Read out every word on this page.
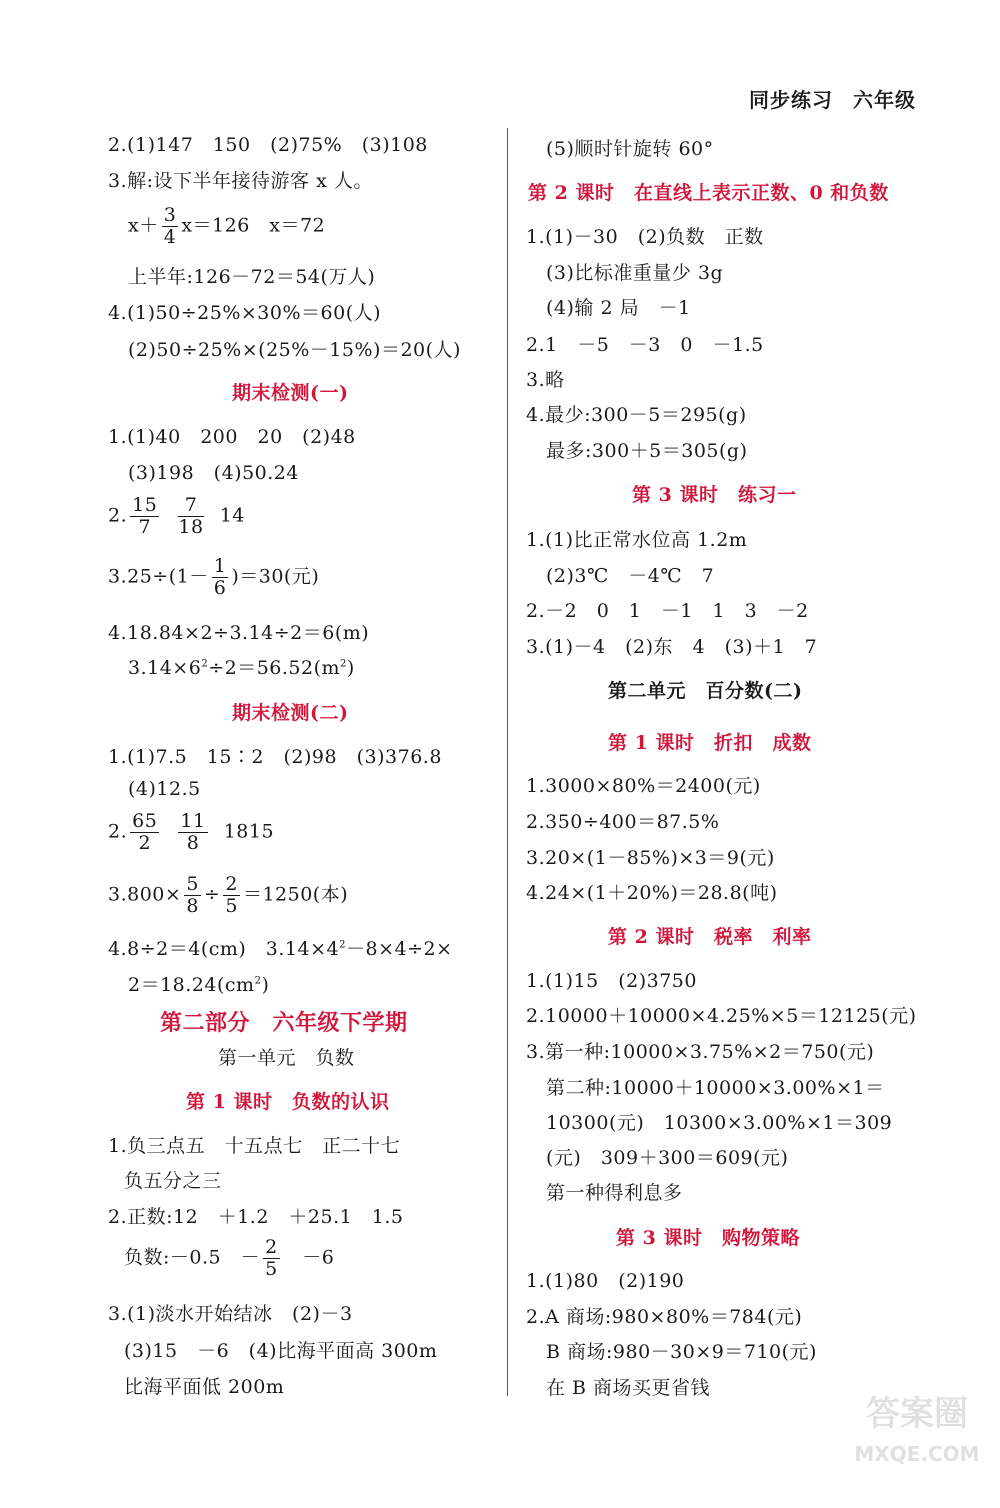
同步练习 六年级
2.(1)147　150　(2)75%　(3)108
3.解:设下半年接待游客 x 人。
$x+ \frac{3}{4} x=126$　x＝72
上半年:126－72＝54(万人)
4.(1)50÷25%×30%＝60(人)
(2)50÷25%×(25%－15%)＝20(人)
期末检测(一)
1.(1)40　200　20　(2)48
(3)198　(4)50.24
2. $\frac{15}{7}$
$\frac{7}{18} 14$
$3.25\div(1- \frac{1}{6} )=30$(元)
4.18.84×2÷3.14÷2＝6(m)
$3.14\times 6^2\div 2=56.52(m^2)$
期末检测(二)
1.(1)7.5　15∶2　(2)98　(3)376.8
(4)12.5
2. $\frac{65}{2}$
$\frac{11}{8} 1815$
$3.800\times \frac{5}{8} \div \frac{2}{5} =1250$(本)
4.8÷2＝4(cm)　$3.14\times 4^2-8\times 4\div 2\times$
$2=18.24(cm^2)$
第二部分　六年级下学期
第一单元　负数
第 1 课时　负数的认识
1.负三点五　十五点七　正二十七
负五分之三
2.正数:12　＋1.2　＋25.1　1.5
负数:－0.5　－ $\frac{2}{5}$ 　－6
3.(1)淡水开始结冰　(2)－3
(3)15　－6　(4)比海平面高 300m
比海平面低 200m
(5)顺时针旋转 60°
第 2 课时　在直线上表示正数、0 和负数
1.(1)－30　(2)负数　正数
(3)比标准重量少 3g
(4)输 2 局　－1
2.1　－5　－3　0　－1.5
3.略
4.最少:300－5＝295(g)
最多:300＋5＝305(g)
第 3 课时　练习一
1.(1)比正常水位高 1.2m
(2)3℃　－4℃　7
2.－2　0　1　－1　1　3　－2
3.(1)－4　(2)东　4　(3)＋1　7
第二单元　百分数(二)
第 1 课时　折扣　成数
1.3000×80%＝2400(元)
2.350÷400＝87.5%
3.20×(1－85%)×3＝9(元)
4.24×(1＋20%)＝28.8(吨)
第 2 课时　税率　利率
1.(1)15　(2)3750
2.10000＋10000×4.25%×5＝12125(元)
3.第一种:10000×3.75%×2＝750(元)
第二种:10000＋10000×3.00%×1＝
10300(元)　10300×3.00%×1＝309
(元)　309＋300＝609(元)
第一种得利息多
第 3 课时　购物策略
1.(1)80　(2)190
2.A 商场:980×80%＝784(元)
B 商场:980－30×9＝710(元)
在 B 商场买更省钱
答案圈
MXQE.COM
